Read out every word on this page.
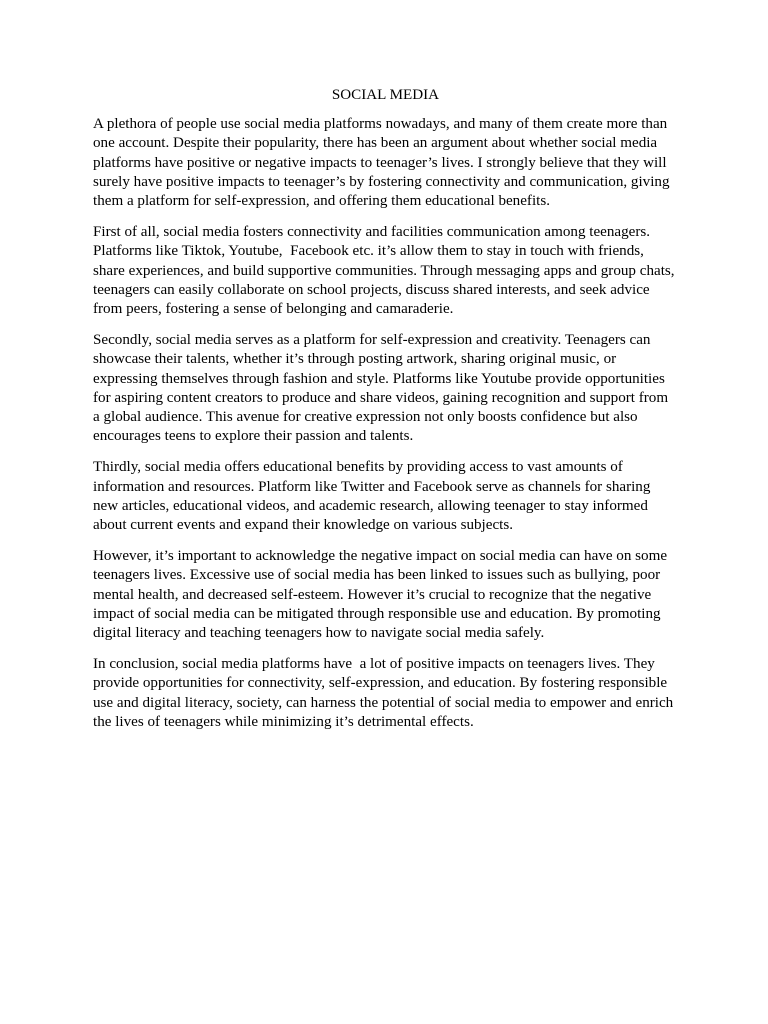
SOCIAL MEDIA

A plethora of people use social media platforms nowadays, and many of them create more than one account. Despite their popularity, there has been an argument about whether social media platforms have positive or negative impacts to teenager’s lives. I strongly believe that they will surely have positive impacts to teenager’s by fostering connectivity and communication, giving them a platform for self-expression, and offering them educational benefits.

First of all, social media fosters connectivity and facilities communication among teenagers. Platforms like Tiktok, Youtube,  Facebook etc. it’s allow them to stay in touch with friends, share experiences, and build supportive communities. Through messaging apps and group chats, teenagers can easily collaborate on school projects, discuss shared interests, and seek advice from peers, fostering a sense of belonging and camaraderie.

Secondly, social media serves as a platform for self-expression and creativity. Teenagers can showcase their talents, whether it’s through posting artwork, sharing original music, or expressing themselves through fashion and style. Platforms like Youtube provide opportunities for aspiring content creators to produce and share videos, gaining recognition and support from a global audience. This avenue for creative expression not only boosts confidence but also encourages teens to explore their passion and talents.

Thirdly, social media offers educational benefits by providing access to vast amounts of information and resources. Platform like Twitter and Facebook serve as channels for sharing new articles, educational videos, and academic research, allowing teenager to stay informed about current events and expand their knowledge on various subjects.

However, it’s important to acknowledge the negative impact on social media can have on some teenagers lives. Excessive use of social media has been linked to issues such as bullying, poor mental health, and decreased self-esteem. However it’s crucial to recognize that the negative impact of social media can be mitigated through responsible use and education. By promoting digital literacy and teaching teenagers how to navigate social media safely.

In conclusion, social media platforms have  a lot of positive impacts on teenagers lives. They provide opportunities for connectivity, self-expression, and education. By fostering responsible use and digital literacy, society, can harness the potential of social media to empower and enrich the lives of teenagers while minimizing it’s detrimental effects.
